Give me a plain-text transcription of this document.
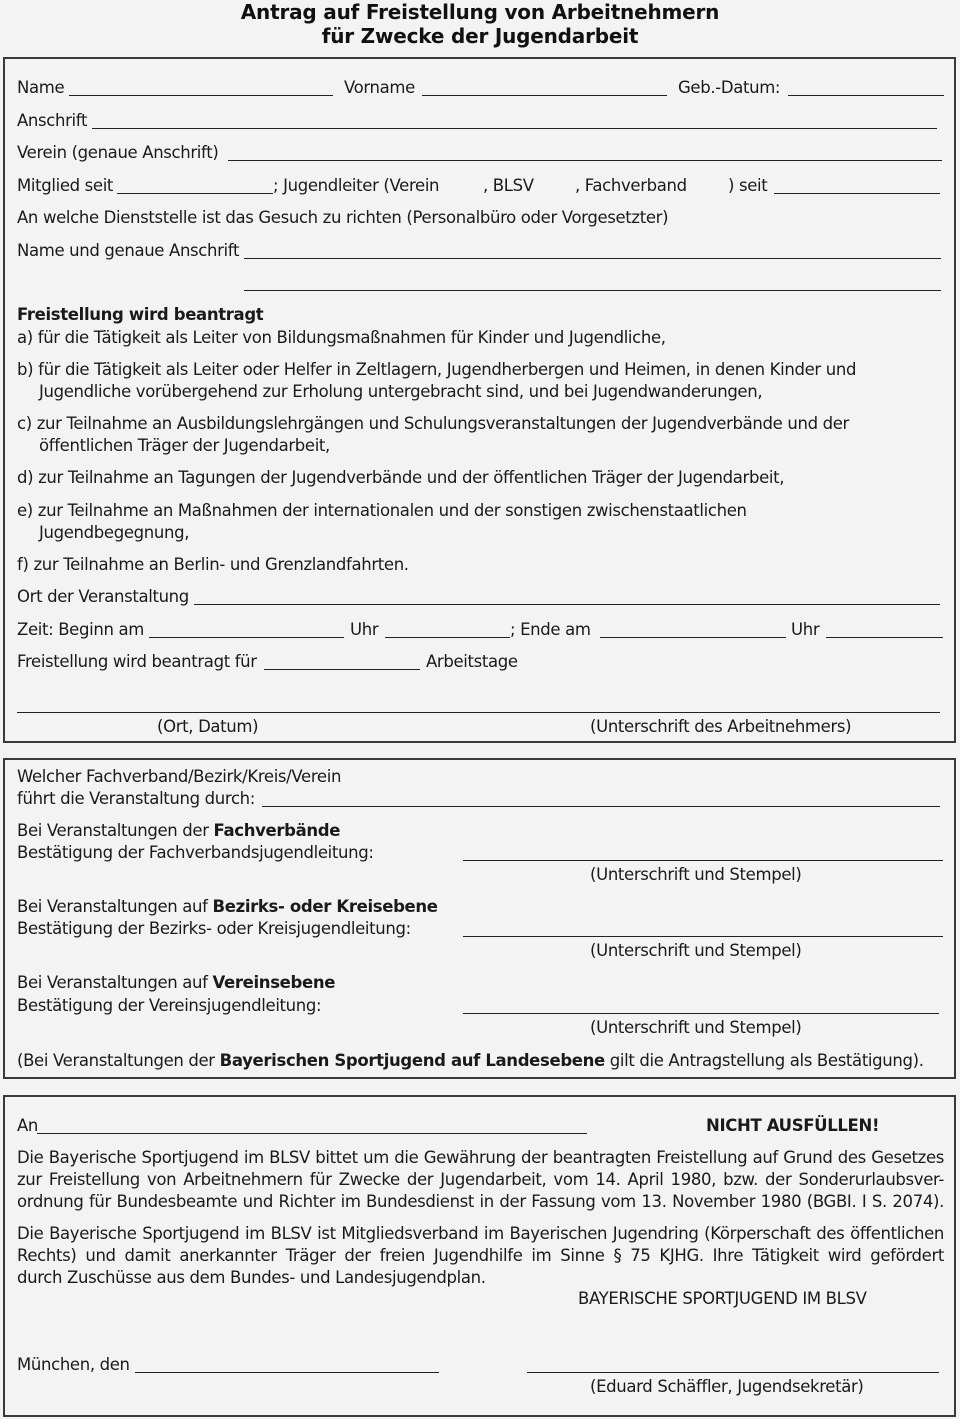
Antrag auf Freistellung von Arbeitnehmern
für Zwecke der Jugendarbeit
Name	Vorname	Geb.-Datum:
Anschrift
Verein (genaue Anschrift)
Mitglied seit	; Jugendleiter (Verein	, BLSV	, Fachverband ) seit
An welche Dienststelle ist das Gesuch zu richten (Personalbüro oder Vorgesetzter)
Name und genaue Anschrift
Freistellung wird beantragt
a) für die Tätigkeit als Leiter von Bildungsmaßnahmen für Kinder und Jugendliche,
b) für die Tätigkeit als Leiter oder Helfer in Zeltlagern, Jugendherbergen und Heimen, in denen Kinder und
Jugendliche vorübergehend zur Erholung untergebracht sind, und bei Jugendwanderungen,
c) zur Teilnahme an Ausbildungslehrgängen und Schulungsveranstaltungen der Jugendverbände und der
öffentlichen Träger der Jugendarbeit,
d) zur Teilnahme an Tagungen der Jugendverbände und der öffentlichen Träger der Jugendarbeit,
e) zur Teilnahme an Maßnahmen der internationalen und der sonstigen zwischenstaatlichen
Jugendbegegnung,
f) zur Teilnahme an Berlin- und Grenzlandfahrten.
Ort der Veranstaltung
Zeit: Beginn am	Uhr	; Ende am	Uhr
Freistellung wird beantragt für	Arbeitstage
(Ort, Datum)	(Unterschrift des Arbeitnehmers)
Welcher Fachverband/Bezirk/Kreis/Verein
führt die Veranstaltung durch:
Bei Veranstaltungen der Fachverbände
Bestätigung der Fachverbandsjugendleitung:
(Unterschrift und Stempel)
Bei Veranstaltungen auf Bezirks- oder Kreisebene
Bestätigung der Bezirks- oder Kreisjugendleitung:
(Unterschrift und Stempel)
Bei Veranstaltungen auf Vereinsebene
Bestätigung der Vereinsjugendleitung:
(Unterschrift und Stempel)
(Bei Veranstaltungen der Bayerischen Sportjugend auf Landesebene gilt die Antragstellung als Bestätigung).
An	NICHT AUSFÜLLEN!
Die Bayerische Sportjugend im BLSV bittet um die Gewährung der beantragten Freistellung auf Grund des Gesetzes
zur Freistellung von Arbeitnehmern für Zwecke der Jugendarbeit, vom 14. April 1980, bzw. der Sonderurlaubsver-
ordnung für Bundesbeamte und Richter im Bundesdienst in der Fassung vom 13. November 1980 (BGBI. I S. 2074).
Die Bayerische Sportjugend im BLSV ist Mitgliedsverband im Bayerischen Jugendring (Körperschaft des öffentlichen
Rechts) und damit anerkannter Träger der freien Jugendhilfe im Sinne § 75 KJHG. Ihre Tätigkeit wird gefördert
durch Zuschüsse aus dem Bundes- und Landesjugendplan.
BAYERISCHE SPORTJUGEND IM BLSV
München, den
(Eduard Schäffler, Jugendsekretär)
